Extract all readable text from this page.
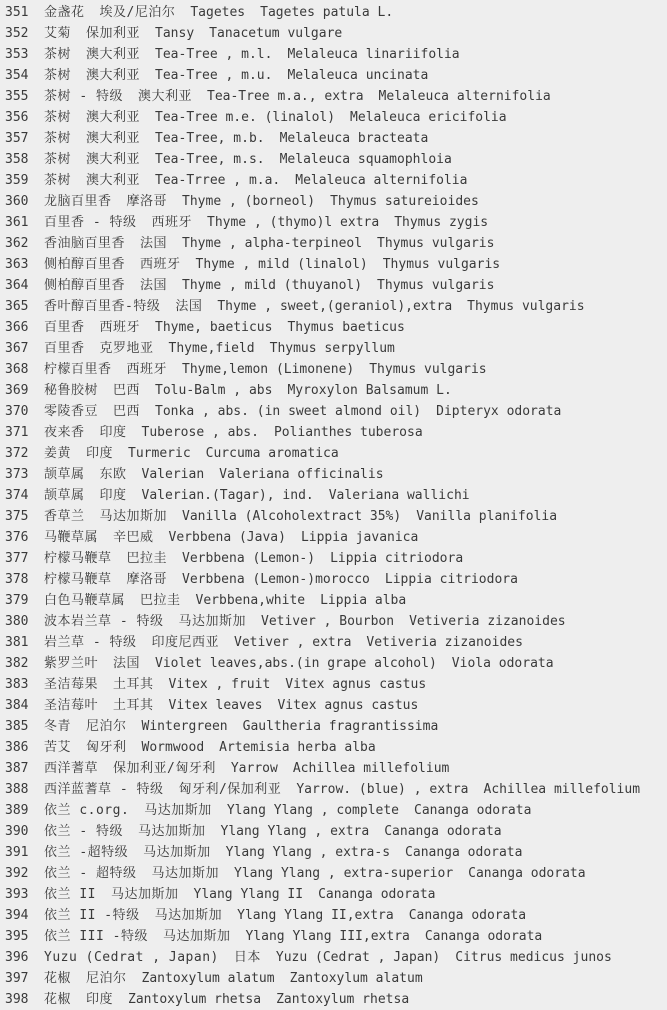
351 金盏花 埃及/尼泊尔 Tagetes Tagetes patula L.
352 艾菊 保加利亚 Tansy Tanacetum vulgare
353 茶树 澳大利亚 Tea-Tree , m.l. Melaleuca linariifolia
354 茶树 澳大利亚 Tea-Tree , m.u. Melaleuca uncinata
355 茶树 - 特级 澳大利亚 Tea-Tree m.a., extra Melaleuca alternifolia
356 茶树 澳大利亚 Tea-Tree m.e. (linalol) Melaleuca ericifolia
357 茶树 澳大利亚 Tea-Tree, m.b. Melaleuca bracteata
358 茶树 澳大利亚 Tea-Tree, m.s. Melaleuca squamophloia
359 茶树 澳大利亚 Tea-Trree , m.a. Melaleuca alternifolia
360 龙脑百里香 摩洛哥 Thyme , (borneol) Thymus satureioides
361 百里香 - 特级 西班牙 Thyme , (thymo)l extra Thymus zygis
362 香油脑百里香 法国 Thyme , alpha-terpineol Thymus vulgaris
363 侧柏醇百里香 西班牙 Thyme , mild (linalol) Thymus vulgaris
364 侧柏醇百里香 法国 Thyme , mild (thuyanol) Thymus vulgaris
365 香叶醇百里香-特级 法国 Thyme , sweet,(geraniol),extra Thymus vulgaris
366 百里香 西班牙 Thyme, baeticus Thymus baeticus
367 百里香 克罗地亚 Thyme,field Thymus serpyllum
368 柠檬百里香 西班牙 Thyme,lemon (Limonene) Thymus vulgaris
369 秘鲁胶树 巴西 Tolu-Balm , abs Myroxylon Balsamum L.
370 零陵香豆 巴西 Tonka , abs. (in sweet almond oil) Dipteryx odorata
371 夜来香 印度 Tuberose , abs. Polianthes tuberosa
372 姜黄 印度 Turmeric Curcuma aromatica
373 颉草属 东欧 Valerian Valeriana officinalis
374 颉草属 印度 Valerian.(Tagar), ind. Valeriana wallichi
375 香草兰 马达加斯加 Vanilla (Alcoholextract 35%) Vanilla planifolia
376 马鞭草属 辛巴威 Verbbena (Java) Lippia javanica
377 柠檬马鞭草 巴拉圭 Verbbena (Lemon-) Lippia citriodora
378 柠檬马鞭草 摩洛哥 Verbbena (Lemon-)morocco Lippia citriodora
379 白色马鞭草属 巴拉圭 Verbbena,white Lippia alba
380 波本岩兰草 - 特级 马达加斯加 Vetiver , Bourbon Vetiveria zizanoides
381 岩兰草 - 特级 印度尼西亚 Vetiver , extra Vetiveria zizanoides
382 紫罗兰叶 法国 Violet leaves,abs.(in grape alcohol) Viola odorata
383 圣洁莓果 土耳其 Vitex , fruit Vitex agnus castus
384 圣洁莓叶 土耳其 Vitex leaves Vitex agnus castus
385 冬青 尼泊尔 Wintergreen Gaultheria fragrantissima
386 苦艾 匈牙利 Wormwood Artemisia herba alba
387 西洋蓍草 保加利亚/匈牙利 Yarrow Achillea millefolium
388 西洋蓝蓍草 - 特级 匈牙利/保加利亚 Yarrow. (blue) , extra Achillea millefolium
389 依兰 c.org. 马达加斯加 Ylang Ylang , complete Cananga odorata
390 依兰 - 特级 马达加斯加 Ylang Ylang , extra Cananga odorata
391 依兰 -超特级 马达加斯加 Ylang Ylang , extra-s Cananga odorata
392 依兰 - 超特级 马达加斯加 Ylang Ylang , extra-superior Cananga odorata
393 依兰 II 马达加斯加 Ylang Ylang II Cananga odorata
394 依兰 II -特级 马达加斯加 Ylang Ylang II,extra Cananga odorata
395 依兰 III -特级 马达加斯加 Ylang Ylang III,extra Cananga odorata
396 Yuzu (Cedrat , Japan) 日本 Yuzu (Cedrat , Japan) Citrus medicus junos
397 花椒 尼泊尔 Zantoxylum alatum Zantoxylum alatum
398 花椒 印度 Zantoxylum rhetsa Zantoxylum rhetsa
